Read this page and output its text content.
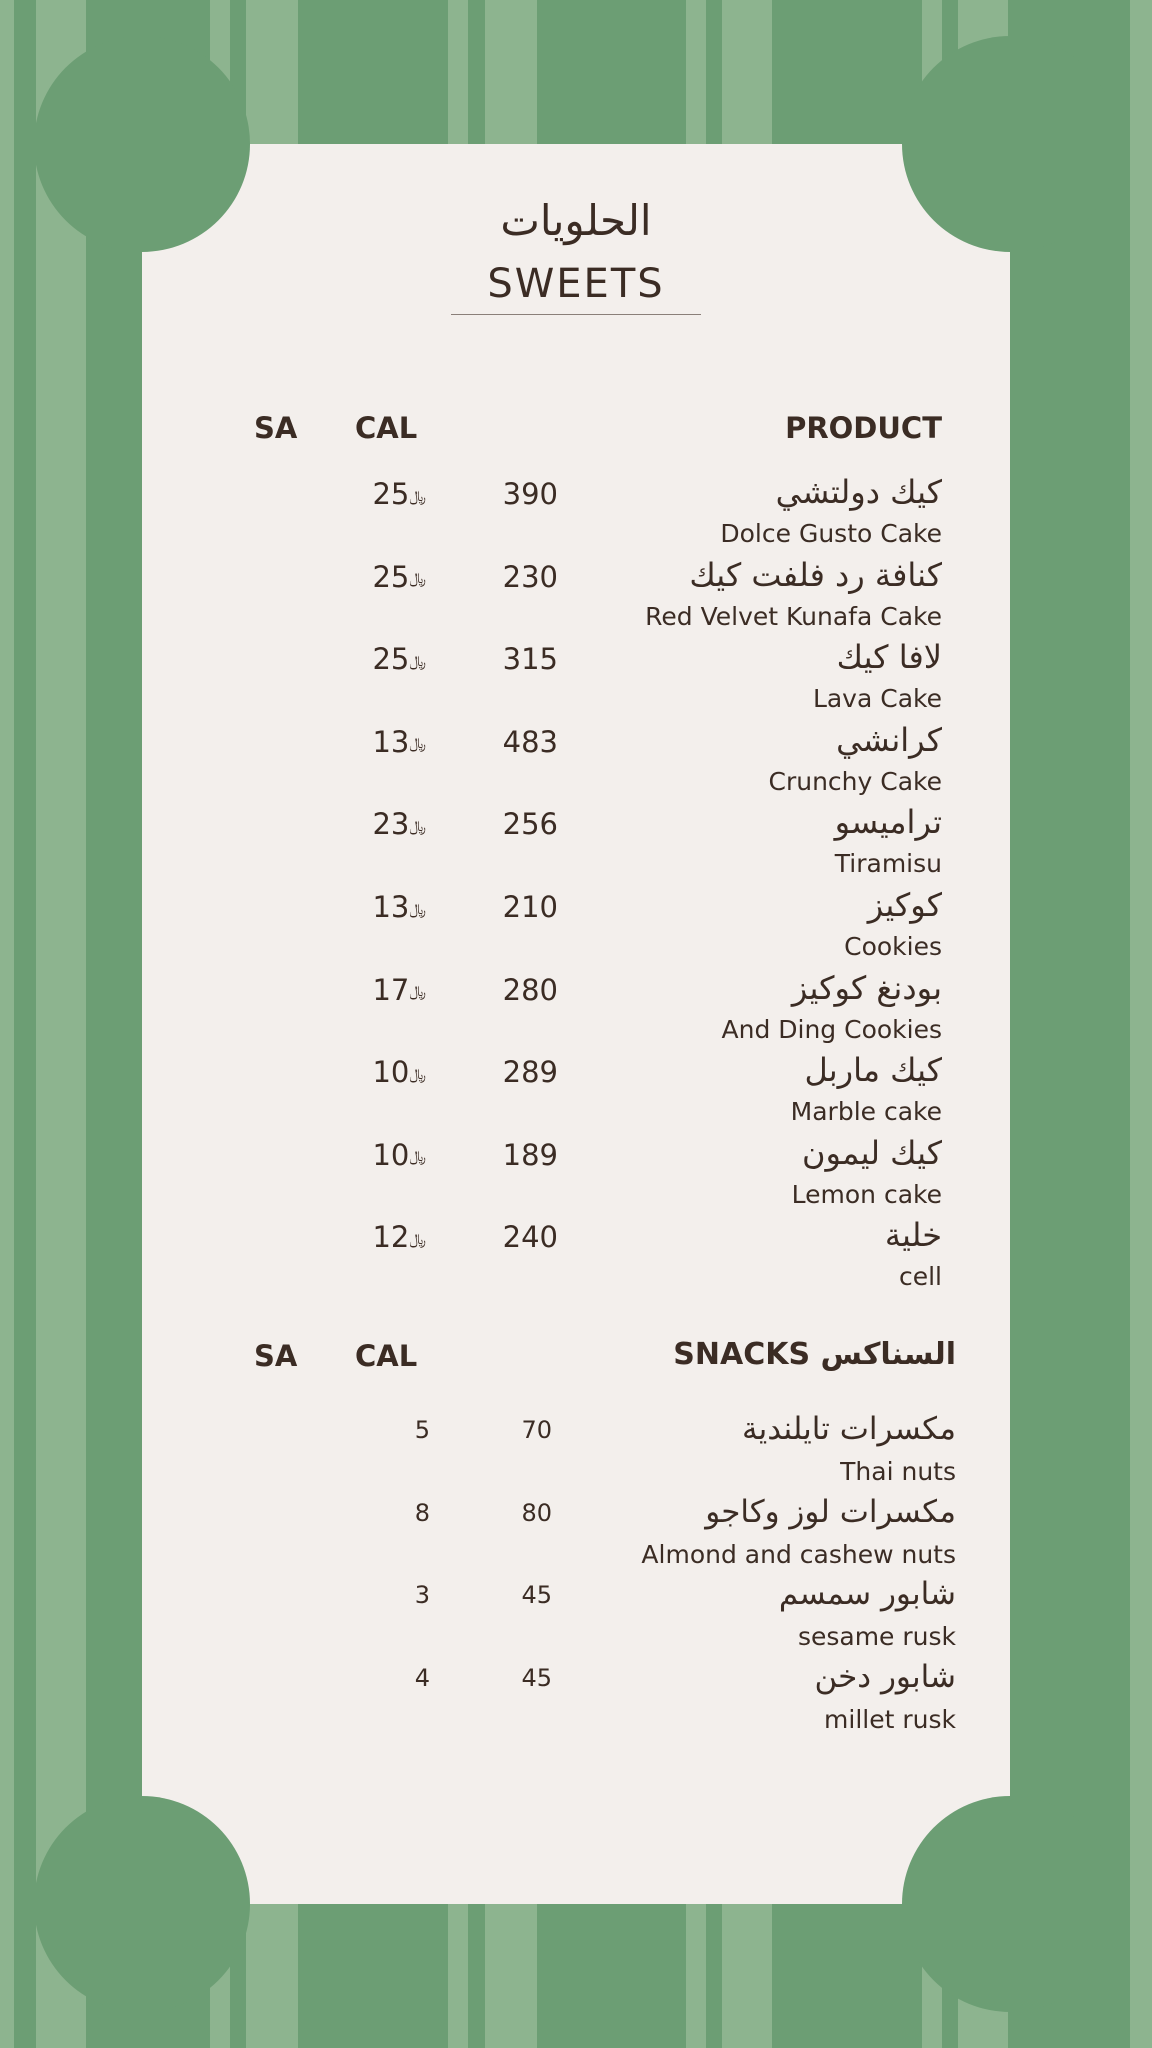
الحلويات
SWEETS
SA CAL	PRODUCT
كيك دولتشي
Dolce Gusto Cake
390
﷼25
كنافة رد فلفت كيك
Red Velvet Kunafa Cake
230
﷼25
لافا كيك
Lava Cake
315
﷼25
كرانشي
Crunchy Cake
483
﷼13
ترامیسو
Tiramisu
256
﷼23
كوكيز
Cookies
210
﷼13
بودنغ كوكيز
And Ding Cookies
280
﷼17
كيك ماربل
Marble cake
289
﷼10
كيك ليمون
Lemon cake
189
﷼10
خلية
cell
240
﷼12
SA CAL	SNACKS السناكس
مكسرات تايلندية
Thai nuts
70
5
مكسرات لوز وكاجو
Almond and cashew nuts
80
8
شابور سمسم
sesame rusk
45
3
شابور دخن
millet rusk
45
4
